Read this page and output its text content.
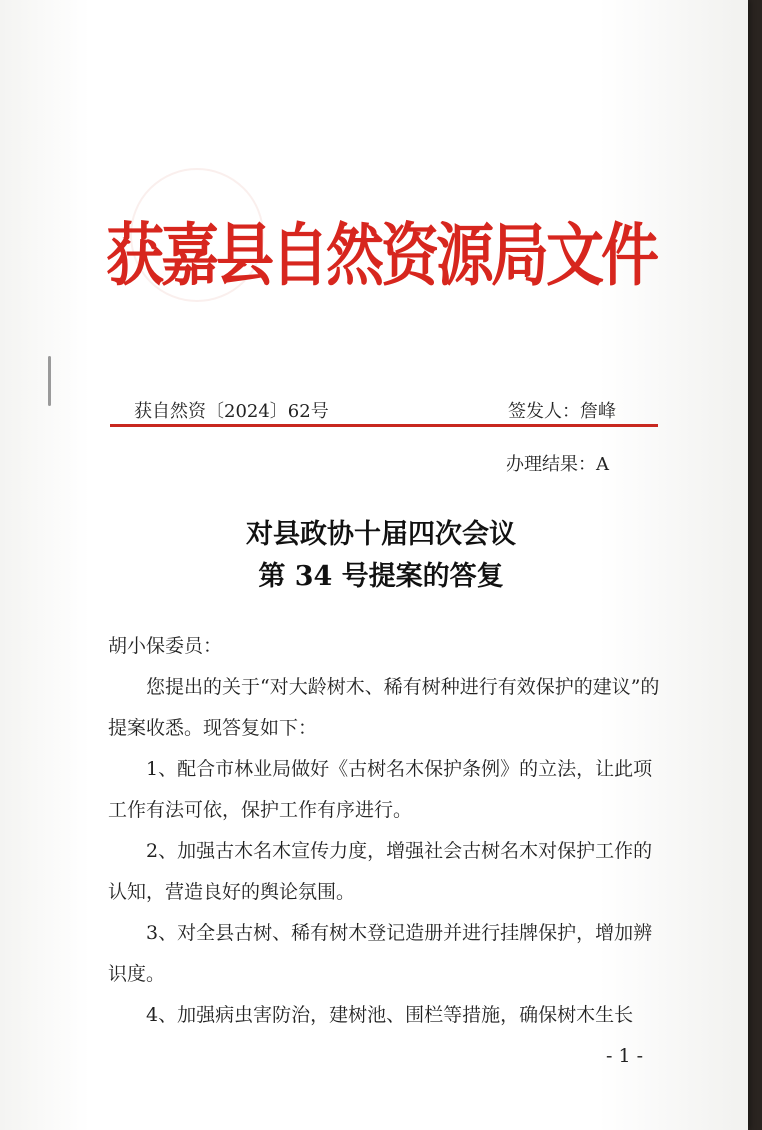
获嘉县自然资源局文件
获自然资〔2024〕62号	签发人：詹峰
办理结果：A
对县政协十届四次会议
第 34 号提案的答复

胡小保委员：

您提出的关于“对大龄树木、稀有树种进行有效保护的建议”的提案收悉。现答复如下：

1、配合市林业局做好《古树名木保护条例》的立法，让此项工作有法可依，保护工作有序进行。

2、加强古木名木宣传力度，增强社会古树名木对保护工作的认知，营造良好的舆论氛围。

3、对全县古树、稀有树木登记造册并进行挂牌保护，增加辨识度。

4、加强病虫害防治，建树池、围栏等措施，确保树木生长

- 1 -
